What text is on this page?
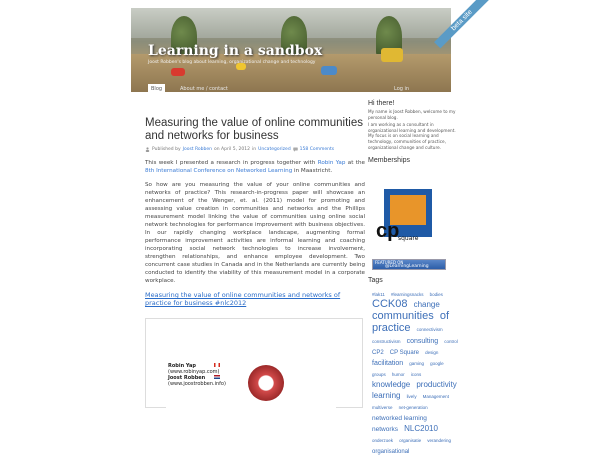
Learning in a sandbox
Joost Robben's blog about learning, organizational change and technology
beta site
Blog	About me / contact	Log in
Measuring the value of online communities and networks for business
Published by Joost Robben on April 5, 2012 in Uncategorized 158 Comments

This week I presented a research in progress together with Robin Yap at the 8th International Conference on Networked Learning in Maastricht.

So how are you measuring the value of your online communities and networks of practice? This research-in-progress paper will showcase an enhancement of the Wenger, et. al. (2011) model for promoting and assessing value creation in communities and networks and the Phillips measurement model linking the value of communities using online social network technologies for performance improvement with business objectives. In our rapidly changing workplace landscape, augmenting formal performance improvement activities are informal learning and coaching incorporating social network technologies to increase involvement, strengthen relationships, and enhance employee development. Two concurrent case studies in Canada and in the Netherlands are currently being conducted to identify the viability of this measurement model in a corporate workplace.

Measuring the value of online communities and networks of practice for business #nlc2012
Robin Yap
(www.robinyap.com)
Joost Robben
(www.joostrobben.info)
Hi there!

My name is Joost Robben, welcome to my personal blog.

I am working as a consultant in organizational learning and development. My focus is on social learning and technology, communities of practice, organizational change and culture.

Memberships
cp
square
FEATURED ON
@LearningLearning
Tags
#lak11 #learningsnacks bodies CCK08 change communities of practice connectivism constructivism consulting control CP2 CP Square design facilitation gaming google groups humor icons knowledge productivity learning lively Management multiverse net-generation networked learning networks NLC2010 onderzoek organisatie verandering organisational
